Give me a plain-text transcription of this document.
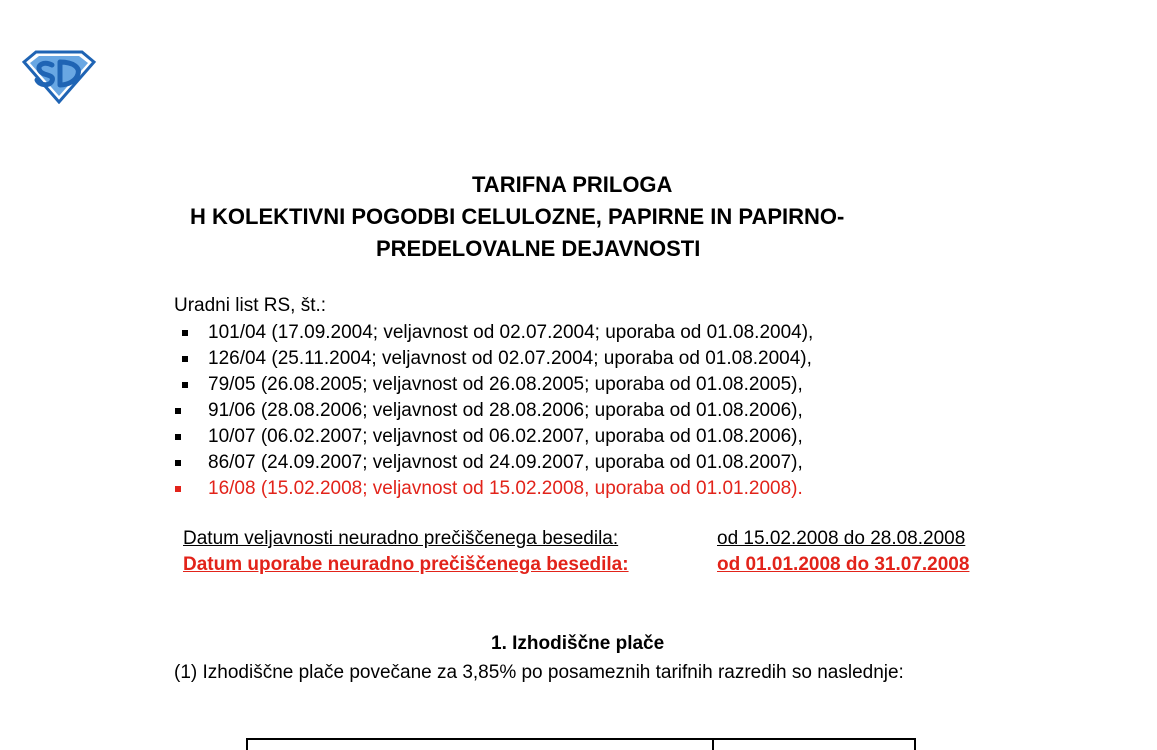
TARIFNA PRILOGA
H KOLEKTIVNI POGODBI CELULOZNE, PAPIRNE IN PAPIRNO-
PREDELOVALNE DEJAVNOSTI
Uradni list RS, št.:
101/04 (17.09.2004; veljavnost od 02.07.2004; uporaba od 01.08.2004),
126/04 (25.11.2004; veljavnost od 02.07.2004; uporaba od 01.08.2004),
79/05 (26.08.2005; veljavnost od 26.08.2005; uporaba od 01.08.2005),
91/06 (28.08.2006; veljavnost od 28.08.2006; uporaba od 01.08.2006),
10/07 (06.02.2007; veljavnost od 06.02.2007, uporaba od 01.08.2006),
86/07 (24.09.2007; veljavnost od 24.09.2007, uporaba od 01.08.2007),
16/08 (15.02.2008; veljavnost od 15.02.2008, uporaba od 01.01.2008).
Datum veljavnosti neuradno prečiščenega besedila:	od 15.02.2008 do 28.08.2008
Datum uporabe neuradno prečiščenega besedila:	od 01.01.2008 do 31.07.2008
1. Izhodiščne plače

(1) Izhodiščne plače povečane za 3,85% po posameznih tarifnih razredih so naslednje:
